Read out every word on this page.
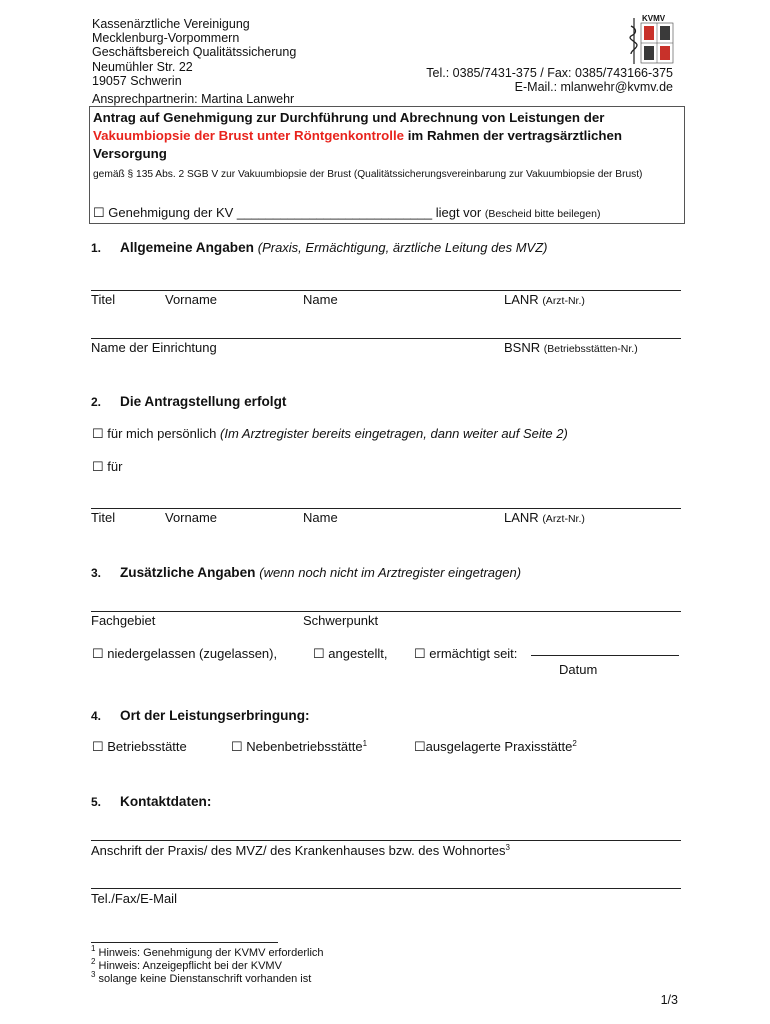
Kassenärztliche Vereinigung
Mecklenburg-Vorpommern
Geschäftsbereich Qualitätssicherung
Neumühler Str. 22
19057 Schwerin
Ansprechpartnerin: Martina Lanwehr
KVMV
Tel.: 0385/7431-375 / Fax: 0385/743166-375
E-Mail.: mlanwehr@kvmv.de
Antrag auf Genehmigung zur Durchführung und Abrechnung von Leistungen der Vakuumbiopsie der Brust unter Röntgenkontrolle im Rahmen der vertragsärztlichen Versorgung
gemäß § 135 Abs. 2 SGB V zur Vakuumbiopsie der Brust (Qualitätssicherungsvereinbarung zur Vakuumbiopsie der Brust)
☐ Genehmigung der KV ___________________________ liegt vor (Bescheid bitte beilegen)
1. Allgemeine Angaben (Praxis, Ermächtigung, ärztliche Leitung des MVZ)
Titel	Vorname	Name	LANR (Arzt-Nr.)
Name der Einrichtung	BSNR (Betriebsstätten-Nr.)
2. Die Antragstellung erfolgt
☐ für mich persönlich (Im Arztregister bereits eingetragen, dann weiter auf Seite 2)
☐ für
Titel	Vorname	Name	LANR (Arzt-Nr.)
3. Zusätzliche Angaben (wenn noch nicht im Arztregister eingetragen)
Fachgebiet	Schwerpunkt
☐ niedergelassen (zugelassen),	☐ angestellt, ☐ ermächtigt seit:
Datum
4. Ort der Leistungserbringung:
☐ Betriebsstätte	☐ Nebenbetriebsstätte$^1$	☐ausgelagerte Praxisstätte$^2$
5. Kontaktdaten:
Anschrift der Praxis/ des MVZ/ des Krankenhauses bzw. des Wohnortes$^3$
Tel./Fax/E-Mail
$^1$ Hinweis: Genehmigung der KVMV erforderlich
$^2$ Hinweis: Anzeigepflicht bei der KVMV
$^3$ solange keine Dienstanschrift vorhanden ist
1/3
